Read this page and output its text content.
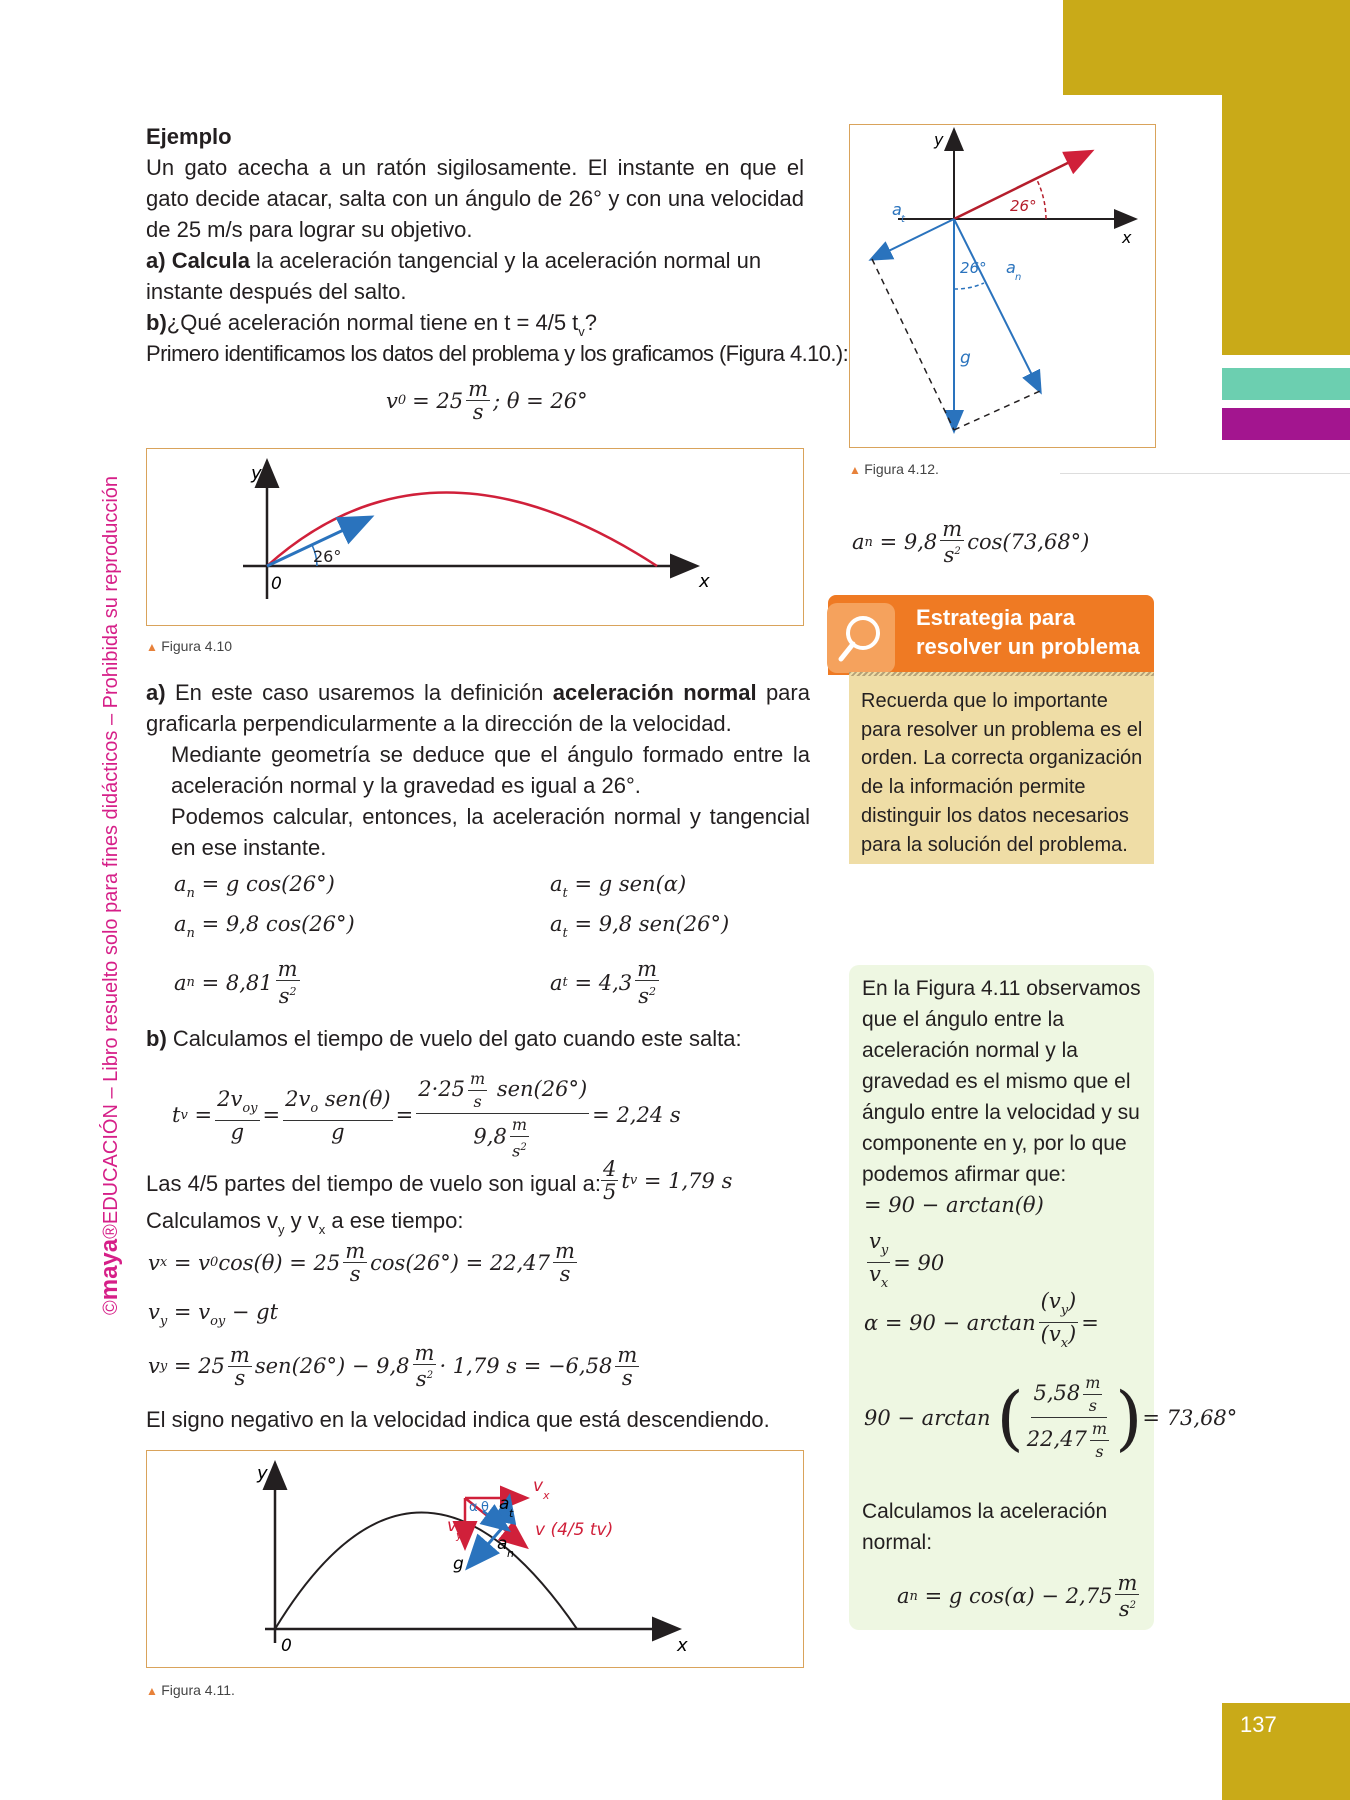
137
©maya®EDUCACIÓN – Libro resuelto solo para fines didácticos – Prohibida su reproducción
Ejemplo
Un gato acecha a un ratón sigilosamente. El instante en que el gato decide atacar, salta con un ángulo de 26° y con una velocidad de 25 m/s para lograr su objetivo.
a) Calcula la aceleración tangencial y la aceleración normal un instante después del salto.
b)¿Qué aceleración normal tiene en t = 4/5 $t_v$?
Primero identificamos los datos del problema y los graficamos (Figura 4.10.):
v $0 = 25 \frac{m}{s}$ ; θ = 26°
y
x
0
26°
▲ Figura 4.10
a) En este caso usaremos la definición aceleración normal para graficarla perpendicularmente a la dirección de la velocidad.
Mediante geometría se deduce que el ángulo formado entre la aceleración normal y la gravedad es igual a 26°.
Podemos calcular, entonces, la aceleración normal y tangencial en ese instante.
$a_n = g$ cos(26°)
$a_n = 9,8$ cos(26°)
a n
= $8,81 \frac{m}{s^2}$
$a_t = g$ sen(α)
$a_t = 9,8$ sen(26°)
a t
= $4,3 \frac{m}{s^2}$
b) Calculamos el tiempo de vuelo del gato cuando este salta:
t $v = \frac{2v_{oy}}{g} = \frac{2v_o sen(\theta)}{g} = \frac{2\cdot 25 \frac{m}{s} sen(26^\circ)}{9,8 \frac{m}{s^2}} = 2,24$ s
Las 4/5 partes del tiempo de vuelo son igual a: $\frac{4}{5}$ t v
= 1,79 s
Calculamos $v_y$ y $v_x$ a ese tiempo:
v x
= v 0 $\cos(\theta) = 25 \frac{m}{s} \cos(26^\circ) = 22,47 \frac{m}{s}$
$v_y = v_{oy}$ − gt
v y
= $25 \frac{m}{s} sen(26^\circ) - 9,8 \frac{m}{s^2} \cdot 1,79$ $s = -6,58 \frac{m}{s}$
El signo negativo en la velocidad indica que está descendiendo.
y
x
0
v x
v
y	v (4/5 tv)
a t
a n
g
α θ
▲ Figura 4.11.
y
x
26°
26°
a
t
a
n
g
▲ Figura 4.12.
a n
= $9,8 \frac{m}{s^2} \cos(73,68^\circ)$
Estrategia para
resolver un problema
Recuerda que lo importante para resolver un problema es el orden. La correcta organización de la información permite distinguir los datos necesarios para la solución del problema.
En la Figura 4.11 observamos que el ángulo entre la aceleración normal y la gravedad es el mismo que el ángulo entre la velocidad y su componente en y, por lo que podemos afirmar que:
= 90 − arctan(θ)
$\frac{v_y}{v_x} = 90$
$\alpha = 90 - \arctan \frac{(v_y)}{(v_x)}$ =
90 − arctan ( $\frac{5,58 \frac{m}{s}}{22,47 \frac{m}{s}}$ ) = 73,68°
Calculamos la aceleración normal:
a n
= g $\cos(\alpha) - 2,75 \frac{m}{s^2}$
